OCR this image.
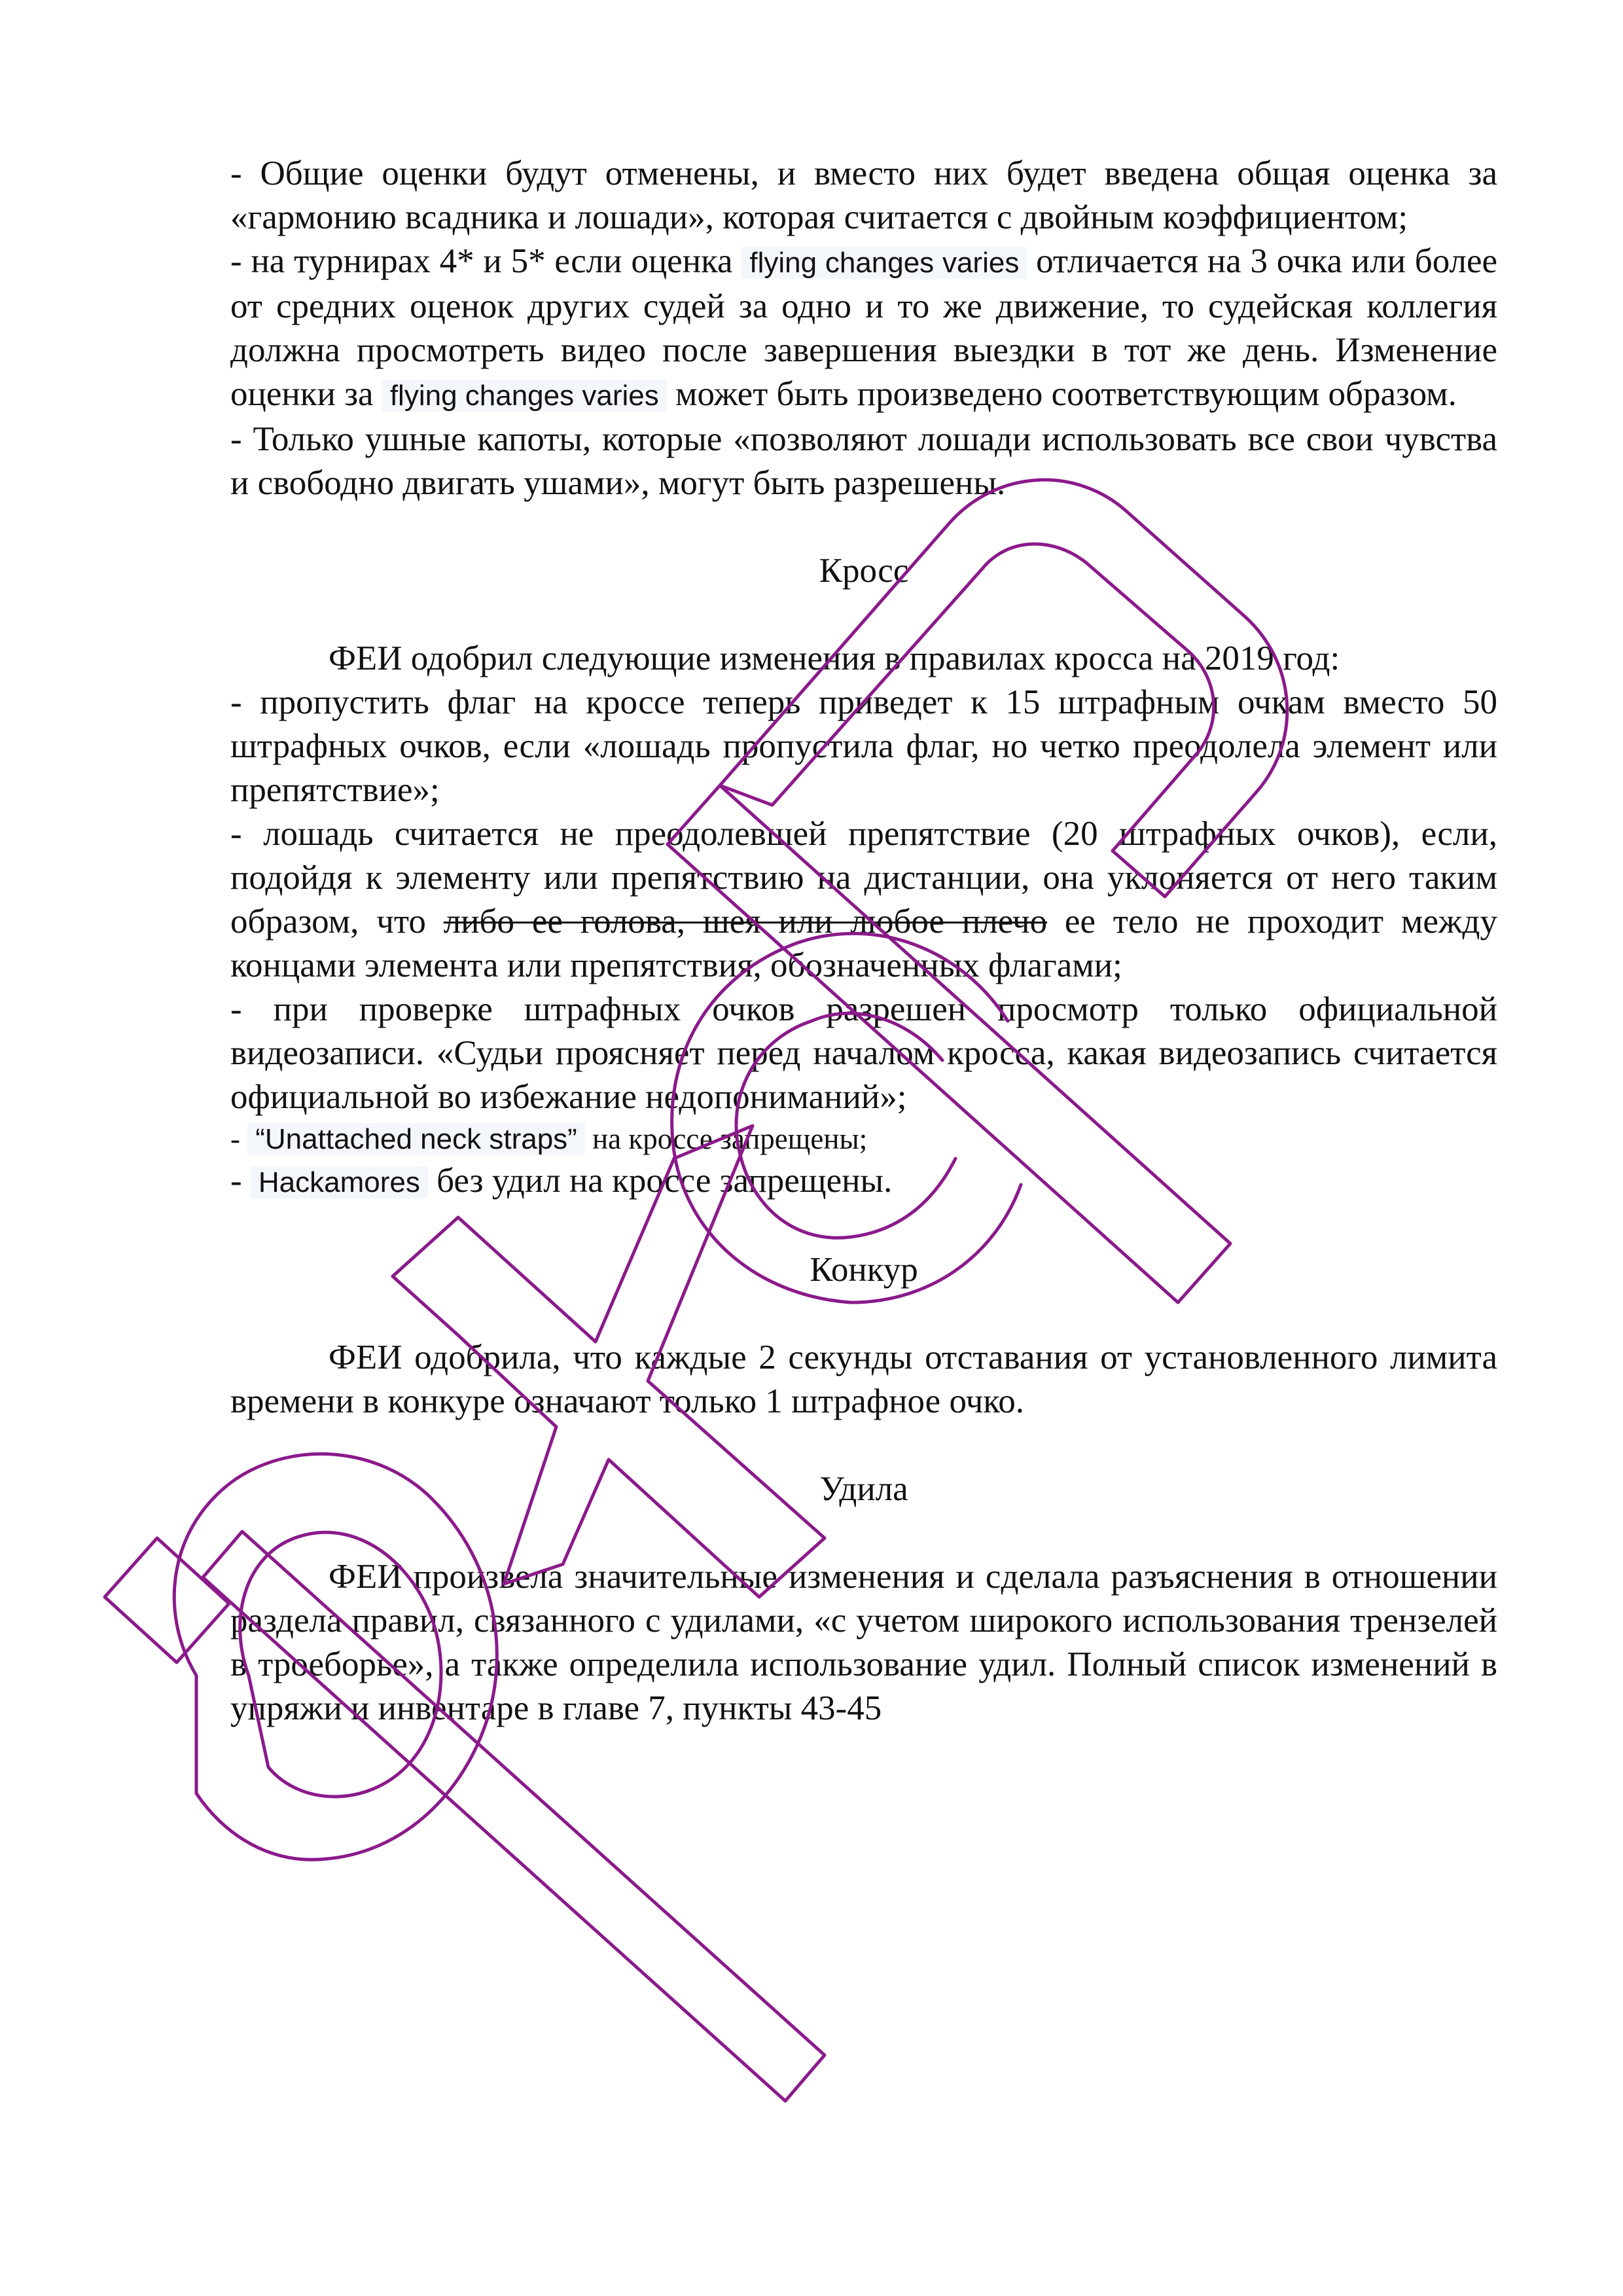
- Общие оценки будут отменены, и вместо них будет введена общая оценка за «гармонию всадника и лошади», которая считается с двойным коэффициентом;

- на турнирах 4* и 5* если оценка flying changes varies отличается на 3 очка или более от средних оценок других судей за одно и то же движение, то судейская коллегия должна просмотреть видео после завершения выездки в тот же день. Изменение оценки за flying changes varies может быть произведено соответствующим образом.

- Только ушные капоты, которые «позволяют лошади использовать все свои чувства и свободно двигать ушами», могут быть разрешены.

Кросс

ФЕИ одобрил следующие изменения в правилах кросса на 2019 год:

- пропустить флаг на кроссе теперь приведет к 15 штрафным очкам вместо 50 штрафных очков, если «лошадь пропустила флаг, но четко преодолела элемент или препятствие»;

- лошадь считается не преодолевшей препятствие (20 штрафных очков), если, подойдя к элементу или препятствию на дистанции, она уклоняется от него таким образом, что либо ее голова, шея или любое плечо ее тело не проходит между концами элемента или препятствия, обозначенных флагами;

- при проверке штрафных очков разрешен просмотр только официальной видеозаписи. «Судьи проясняет перед началом кросса, какая видеозапись считается официальной во избежание недопониманий»;

- “Unattached neck straps” на кроссе запрещены;

- Hackamores без удил на кроссе запрещены.

Конкур

ФЕИ одобрила, что каждые 2 секунды отставания от установленного лимита времени в конкуре означают только 1 штрафное очко.

Удила

ФЕИ произвела значительные изменения и сделала разъяснения в отношении раздела правил, связанного с удилами, «с учетом широкого использования трензелей в троеборье», а также определила использование удил. Полный список изменений в упряжи и инвентаре в главе 7, пункты 43-45
